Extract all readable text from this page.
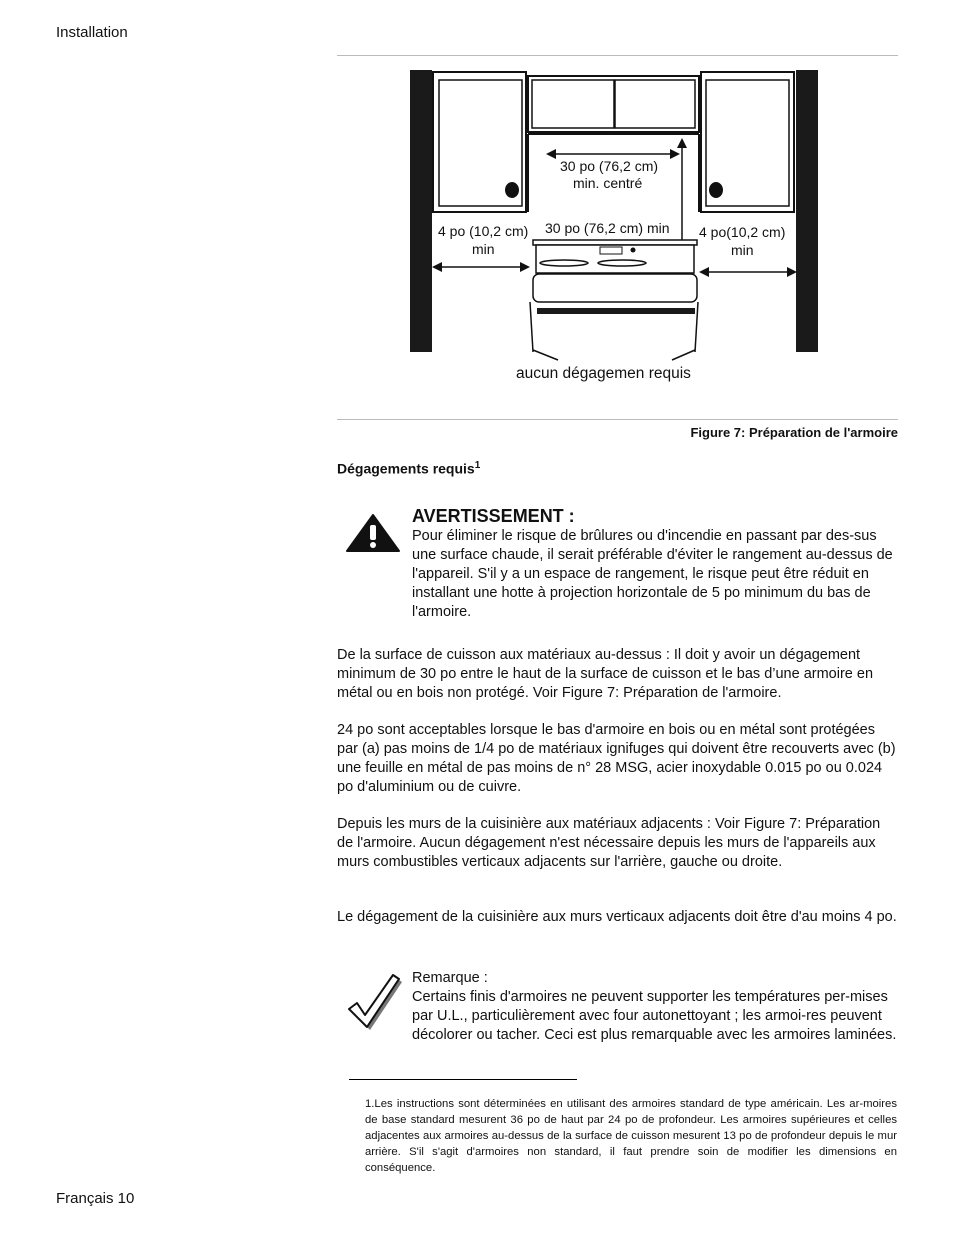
Installation
30 po (76,2 cm)
min. centré
4 po (10,2 cm)
min
30 po (76,2 cm) min 4 po(10,2 cm)
min
aucun dégagemen requis
Figure 7: Préparation de l'armoire
Dégagements requis$^1$
AVERTISSEMENT :
Pour éliminer le risque de brûlures ou d'incendie en passant par des-sus une surface chaude, il serait préférable d'éviter le rangement au-dessus de l'appareil. S'il y a un espace de rangement, le risque peut être réduit en installant une hotte à projection horizontale de 5 po minimum du bas de l'armoire.
De la surface de cuisson aux matériaux au-dessus : Il doit y avoir un dégagement minimum de 30 po entre le haut de la surface de cuisson et le bas d’une armoire en métal ou en bois non protégé. Voir Figure 7: Préparation de l'armoire.
24 po sont acceptables lorsque le bas d'armoire en bois ou en métal sont protégées par (a) pas moins de 1/4 po de matériaux ignifuges qui doivent être recouverts avec (b) une feuille en métal de pas moins de n° 28 MSG, acier inoxydable 0.015 po ou 0.024 po d'aluminium ou de cuivre.
Depuis les murs de la cuisinière aux matériaux adjacents : Voir Figure 7: Préparation de l'armoire. Aucun dégagement n'est nécessaire depuis les murs de l'appareils aux murs combustibles verticaux adjacents sur l'arrière, gauche ou droite.
Le dégagement de la cuisinière aux murs verticaux adjacents doit être d'au moins 4 po.
Remarque :
Certains finis d'armoires ne peuvent supporter les températures per-mises par U.L., particulièrement avec four autonettoyant ; les armoi-res peuvent décolorer ou tacher. Ceci est plus remarquable avec les armoires laminées.
1.Les instructions sont déterminées en utilisant des armoires standard de type américain. Les ar-moires de base standard mesurent 36 po de haut par 24 po de profondeur. Les armoires supérieures et celles adjacentes aux armoires au-dessus de la surface de cuisson mesurent 13 po de profondeur depuis le mur arrière. S'il s'agit d'armoires non standard, il faut prendre soin de modifier les dimensions en conséquence.
Français 10
